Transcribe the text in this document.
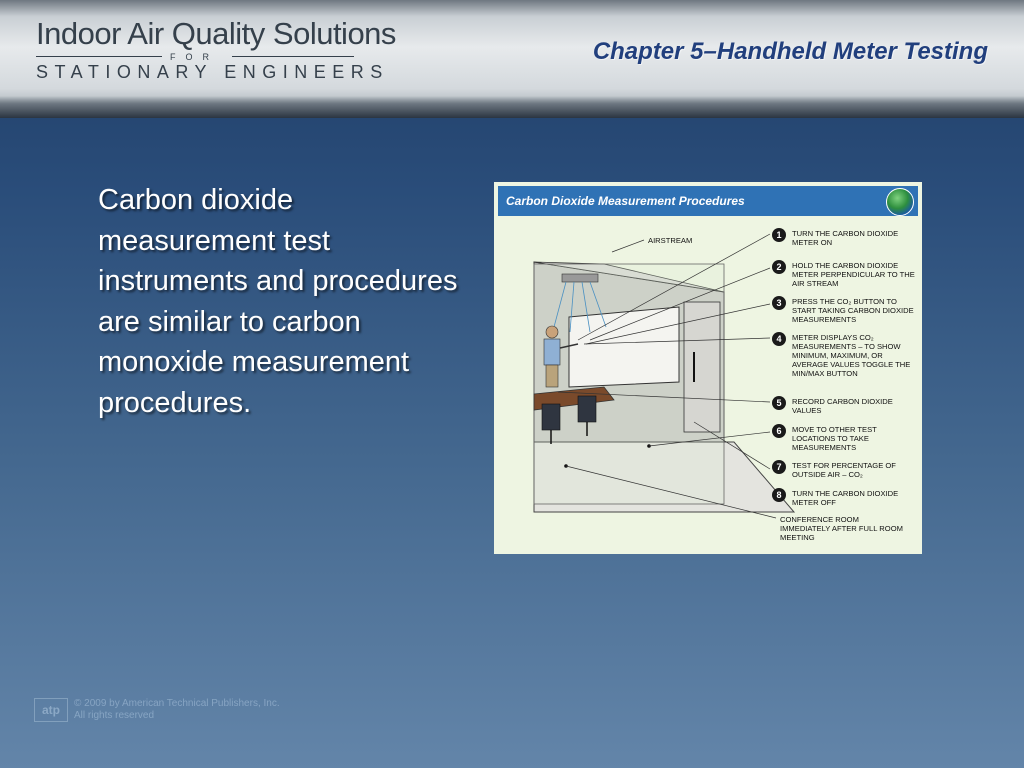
Indoor Air Quality Solutions
FOR
STATIONARY ENGINEERS
Chapter 5–Handheld Meter Testing

Carbon dioxide measurement test instruments and procedures are similar to carbon monoxide measurement procedures.

Carbon Dioxide Measurement Procedures
AIRSTREAM
1	TURN THE CARBON DIOXIDE METER ON
2	HOLD THE CARBON DIOXIDE METER PERPENDICULAR TO THE AIR STREAM
3	PRESS THE CO₂ BUTTON TO START TAKING CARBON DIOXIDE MEASUREMENTS
4	METER DISPLAYS CO₂ MEASUREMENTS – TO SHOW MINIMUM, MAXIMUM, OR AVERAGE VALUES TOGGLE THE MIN/MAX BUTTON
5	RECORD CARBON DIOXIDE VALUES
6	MOVE TO OTHER TEST LOCATIONS TO TAKE MEASUREMENTS
7	TEST FOR PERCENTAGE OF OUTSIDE AIR – CO₂
8	TURN THE CARBON DIOXIDE METER OFF
CONFERENCE ROOM IMMEDIATELY AFTER FULL ROOM MEETING
atp	© 2009 by American Technical Publishers, Inc.
All rights reserved
